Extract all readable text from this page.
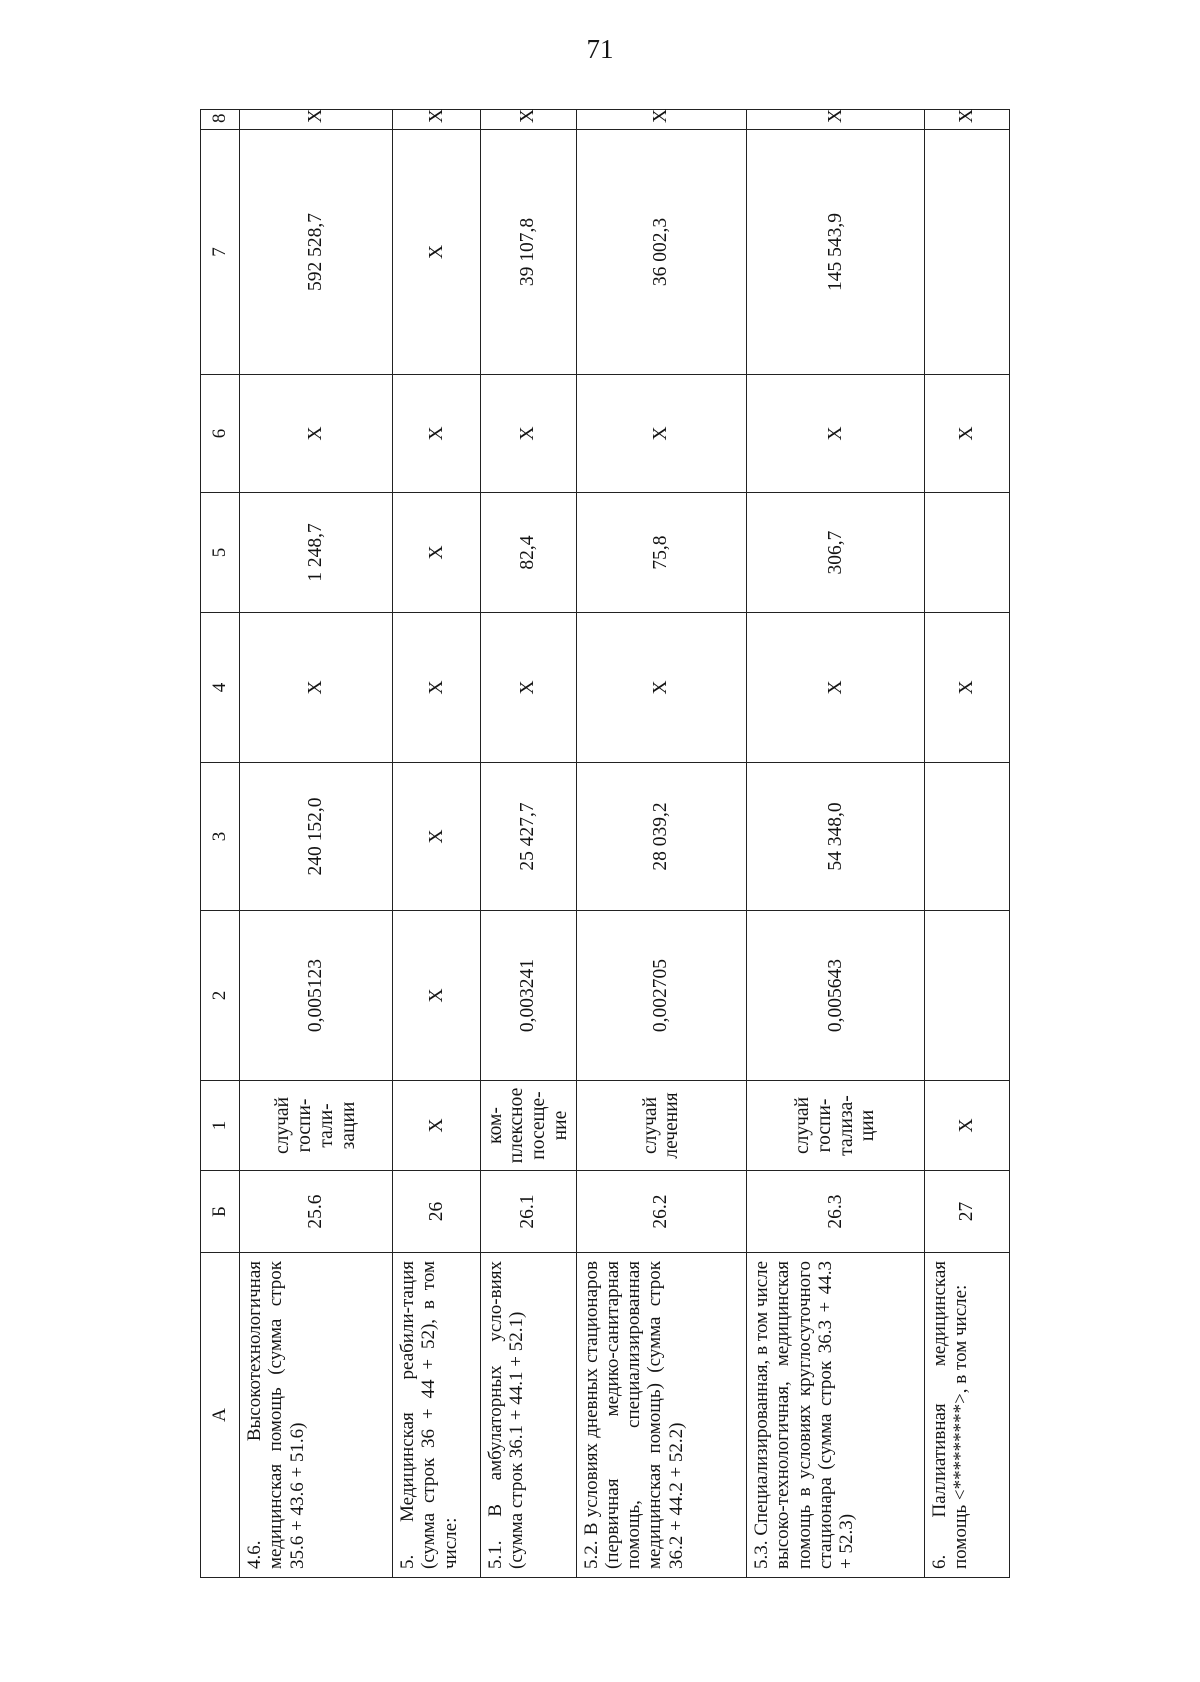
71
А	Б	1	2	3	4	5	6	7	8
4.6. Высокотехнологичная медицинская помощь (сумма строк 35.6 + 43.6 + 51.6)	25.6	случай госпи-тали-зации	0,005123	240 152,0	X	1 248,7	X	592 528,7	X
5. Медицинская реабили-тация (сумма строк 36 + 44 + 52), в том числе:	26	X	X	X	X	X	X	X	X
5.1. В амбулаторных усло-виях (сумма строк 36.1 + 44.1 + 52.1)	26.1	ком-плексное посеще-ние	0,003241	25 427,7	X	82,4	X	39 107,8	X
5.2. В условиях дневных стационаров (первичная медико-санитарная помощь, специализированная медицинская помощь) (сумма строк 36.2 + 44.2 + 52.2)	26.2	случай лечения	0,002705	28 039,2	X	75,8	X	36 002,3	X
5.3. Специализированная, в том числе высоко-технологичная, медицинская помощь в условиях круглосуточного стационара (сумма строк 36.3 + 44.3 + 52.3)	26.3	случай госпи-тализа-ции	0,005643	54 348,0	X	306,7	X	145 543,9	X
6. Паллиативная медицинская помощь <*********>, в том числе:	27	X			X		X		X
